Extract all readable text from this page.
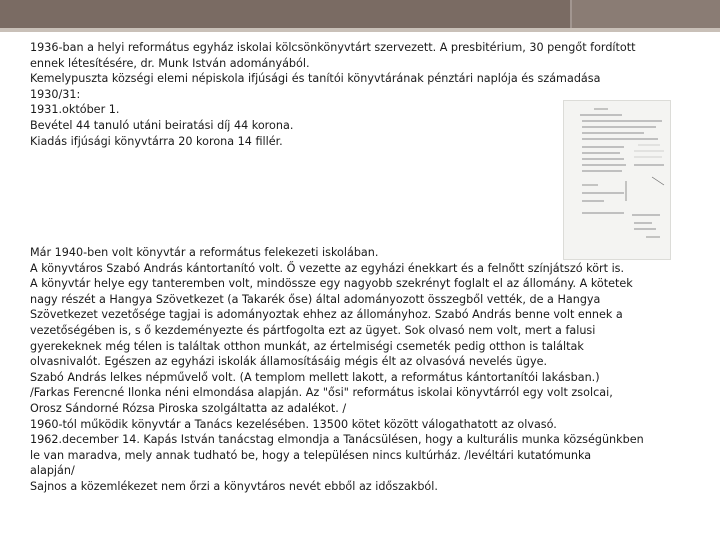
1936-ban a helyi református egyház iskolai kölcsönkönyvtárt szervezett. A presbitérium, 30 pengőt fordított
ennek létesítésére, dr. Munk István adományából.
Kemelypuszta községi elemi népiskola ifjúsági és tanítói könyvtárának pénztári naplója és számadása
1930/31:
1931.október 1.
Bevétel 44 tanuló utáni beiratási díj 44 korona.
Kiadás ifjúsági könyvtárra 20 korona 14 fillér.

Már 1940-ben volt könyvtár a református felekezeti iskolában.
A könyvtáros Szabó András kántortanító volt. Ő vezette az egyházi énekkart és a felnőtt színjátszó kört is.
A könyvtár helye egy tanteremben volt, mindössze egy nagyobb szekrényt foglalt el az állomány. A kötetek
nagy részét a Hangya Szövetkezet (a Takarék őse) által adományozott összegből vették, de a Hangya
Szövetkezet vezetősége tagjai is adományoztak ehhez az állományhoz. Szabó András benne volt ennek a
vezetőségében is, s ő kezdeményezte és pártfogolta ezt az ügyet. Sok olvasó nem volt, mert a falusi
gyerekeknek még télen is találtak otthon munkát, az értelmiségi csemeték pedig otthon is találtak
olvasnivalót. Egészen az egyházi iskolák államosításáig mégis élt az olvasóvá nevelés ügye.
Szabó András lelkes népművelő volt. (A templom mellett lakott, a református kántortanítói lakásban.)
/Farkas Ferencné Ilonka néni elmondása alapján. Az "ősi" református iskolai könyvtárról egy volt zsolcai,
Orosz Sándorné Rózsa Piroska szolgáltatta az adalékot. /
1960-tól működik könyvtár a Tanács kezelésében. 13500 kötet között válogathatott az olvasó.
1962.december 14. Kapás István tanácstag elmondja a Tanácsülésen, hogy a kulturális munka községünkben
le van maradva, mely annak tudható be, hogy a településen nincs kultúrház. /levéltári kutatómunka
alapján/
Sajnos a közemlékezet nem őrzi a könyvtáros nevét ebből az időszakból.
